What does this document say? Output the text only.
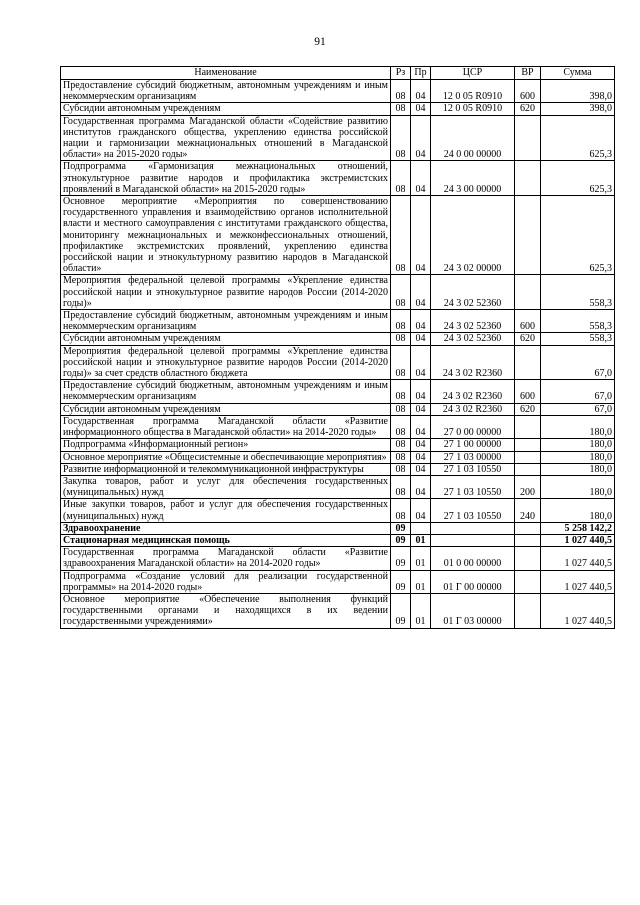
91
Наименование	Рз	Пр	ЦСР	ВР	Сумма
Предоставление субсидий бюджетным, автономным учреждениям и иным некоммерческим организациям	08	04	12 0 05 R0910	600	398,0
Субсидии автономным учреждениям	08	04	12 0 05 R0910	620	398,0
Государственная программа Магаданской области «Содействие развитию институтов гражданского общества, укреплению единства российской нации и гармонизации межнациональных отношений в Магаданской области» на 2015-2020 годы»	08	04	24 0 00 00000		625,3
Подпрограмма «Гармонизация межнациональных отношений, этнокультурное развитие народов и профилактика экстремистских проявлений в Магаданской области» на 2015-2020 годы»	08	04	24 3 00 00000		625,3
Основное мероприятие «Мероприятия по совершенствованию государственного управления и взаимодействию органов исполнительной власти и местного самоуправления с институтами гражданского общества, мониторингу межнациональных и межконфессиональных отношений, профилактике экстремистских проявлений, укреплению единства российской нации и этнокультурному развитию народов в Магаданской области»	08	04	24 3 02 00000		625,3
Мероприятия федеральной целевой программы «Укрепление единства российской нации и этнокультурное развитие народов России (2014-2020 годы)»	08	04	24 3 02 52360		558,3
Предоставление субсидий бюджетным, автономным учреждениям и иным некоммерческим организациям	08	04	24 3 02 52360	600	558,3
Субсидии автономным учреждениям	08	04	24 3 02 52360	620	558,3
Мероприятия федеральной целевой программы «Укрепление единства российской нации и этнокультурное развитие народов России (2014-2020 годы)» за счет средств областного бюджета	08	04	24 3 02 R2360		67,0
Предоставление субсидий бюджетным, автономным учреждениям и иным некоммерческим организациям	08	04	24 3 02 R2360	600	67,0
Субсидии автономным учреждениям	08	04	24 3 02 R2360	620	67,0
Государственная программа Магаданской области «Развитие информационного общества в Магаданской области» на 2014-2020 годы»	08	04	27 0 00 00000		180,0
Подпрограмма «Информационный регион»	08	04	27 1 00 00000		180,0
Основное мероприятие «Общесистемные и обеспечивающие мероприятия»	08	04	27 1 03 00000		180,0
Развитие информационной и телекоммуникационной инфраструктуры	08	04	27 1 03 10550		180,0
Закупка товаров, работ и услуг для обеспечения государственных (муниципальных) нужд	08	04	27 1 03 10550	200	180,0
Иные закупки товаров, работ и услуг для обеспечения государственных (муниципальных) нужд	08	04	27 1 03 10550	240	180,0
Здравоохранение	09				5 258 142,2
Стационарная медицинская помощь	09	01			1 027 440,5
Государственная программа Магаданской области «Развитие здравоохранения Магаданской области» на 2014-2020 годы»	09	01	01 0 00 00000		1 027 440,5
Подпрограмма «Создание условий для реализации государственной программы» на 2014-2020 годы»	09	01	01 Г 00 00000		1 027 440,5
Основное мероприятие «Обеспечение выполнения функций государственными органами и находящихся в их ведении государственными учреждениями»	09	01	01 Г 03 00000		1 027 440,5
